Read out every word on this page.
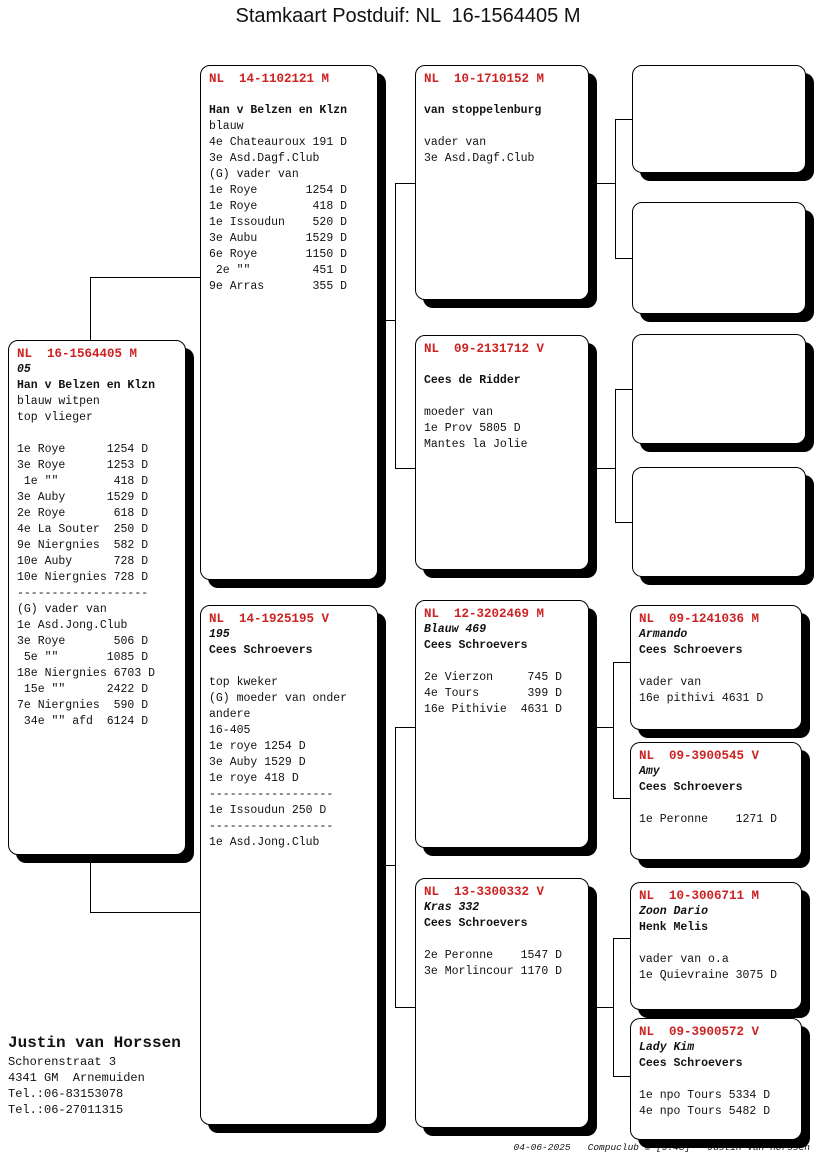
Stamkaart Postduif: NL  16-1564405 M
NL  14-1102121 M
Han v Belzen en Klzn
blauw
4e Chateauroux 191 D
3e Asd.Dagf.Club
(G) vader van
1e Roye       1254 D
1e Roye        418 D
1e Issoudun    520 D
3e Aubu       1529 D
6e Roye       1150 D
2e ""         451 D
9e Arras       355 D
NL  14-1925195 V
195
Cees Schroevers
top kweker
(G) moeder van onder
andere
16-405
1e roye 1254 D
3e Auby 1529 D
1e roye 418 D
------------------
1e Issoudun 250 D
------------------
1e Asd.Jong.Club
NL  16-1564405 M
05
Han v Belzen en Klzn
blauw witpen
top vlieger
1e Roye      1254 D
3e Roye      1253 D
1e ""        418 D
3e Auby      1529 D
2e Roye       618 D
4e La Souter  250 D
9e Niergnies  582 D
10e Auby      728 D
10e Niergnies 728 D
-------------------
(G) vader van
1e Asd.Jong.Club
3e Roye       506 D
5e ""       1085 D
18e Niergnies 6703 D
15e ""      2422 D
7e Niergnies  590 D
34e "" afd  6124 D
NL  10-1710152 M
van stoppelenburg
vader van
3e Asd.Dagf.Club
NL  09-2131712 V
Cees de Ridder
moeder van
1e Prov 5805 D
Mantes la Jolie
NL  12-3202469 M
Blauw 469
Cees Schroevers
2e Vierzon     745 D
4e Tours       399 D
16e Pithivie  4631 D
NL  13-3300332 V
Kras 332
Cees Schroevers
2e Peronne    1547 D
3e Morlincour 1170 D
NL  09-1241036 M
Armando
Cees Schroevers
vader van
16e pithivi 4631 D
NL  09-3900545 V
Amy
Cees Schroevers
1e Peronne    1271 D
NL  10-3006711 M
Zoon Dario
Henk Melis
vader van o.a
1e Quievraine 3075 D
NL  09-3900572 V
Lady Kim
Cees Schroevers
1e npo Tours 5334 D
4e npo Tours 5482 D
Justin van Horssen
Schorenstraat 3
4341 GM  Arnemuiden
Tel.:06-83153078
Tel.:06-27011315
04-06-2025   Compuclub © [9.48]   Justin van Horssen
